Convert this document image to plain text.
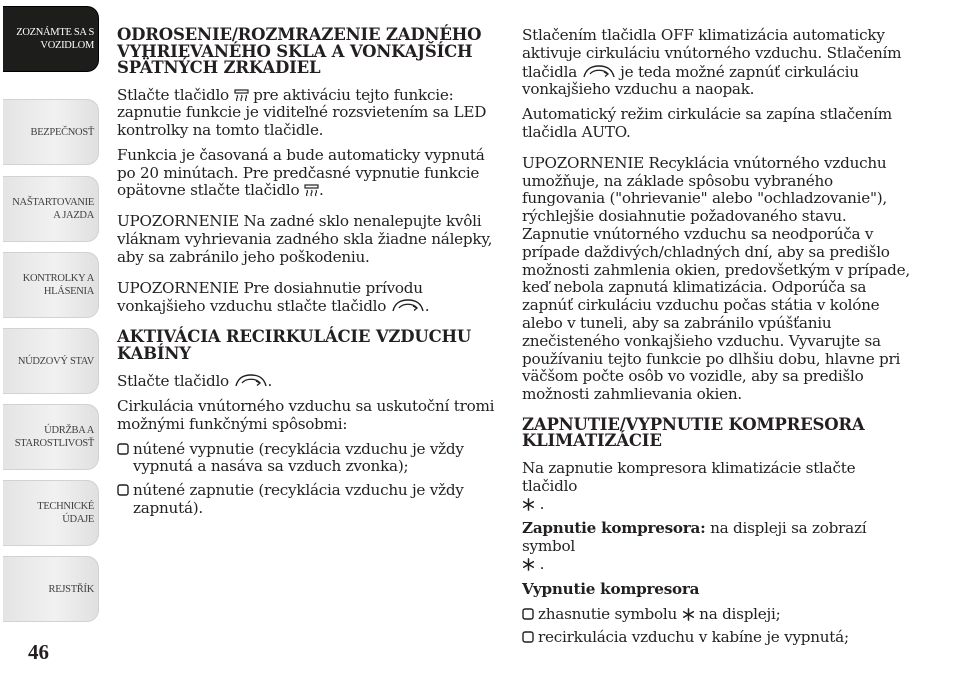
ZOZNÁMTE SA S
VOZIDLOM
BEZPEČNOSŤ
NAŠTARTOVANIE
A JAZDA
KONTROLKY A
HLÁSENIA
NÚDZOVÝ STAV
ÚDRŽBA A
STAROSTLIVOSŤ
TECHNICKÉ
ÚDAJE
REJSTŘÍK
46
ODROSENIE/ROZMRAZENIE ZADNÉHO
VYHRIEVANÉHO SKLA A VONKAJŠÍCH
SPÄTNÝCH ZRKADIEL

Stlačte tlačidlo pre aktiváciu tejto funkcie: zapnutie funkcie je viditeľné rozsvietením sa LED kontrolky na tomto tlačidle.

Funkcia je časovaná a bude automaticky vypnutá po 20 minútach. Pre predčasné vypnutie funkcie opätovne stlačte tlačidlo .

UPOZORNENIE Na zadné sklo nenalepujte kvôli vláknam vyhrievania zadného skla žiadne nálepky, aby sa zabránilo jeho poškodeniu.

UPOZORNENIE Pre dosiahnutie prívodu vonkajšieho vzduchu stlačte tlačidlo	.

AKTIVÁCIA RECIRKULÁCIE VZDUCHU
KABÍNY

Stlačte tlačidlo	.

Cirkulácia vnútorného vzduchu sa uskutoční tromi možnými funkčnými spôsobmi:

nútené vypnutie (recyklácia vzduchu je vždy vypnutá a nasáva sa vzduch zvonka);
nútené zapnutie (recyklácia vzduchu je vždy zapnutá).

Stlačením tlačidla OFF klimatizácia automaticky aktivuje cirkuláciu vnútorného vzduchu. Stlačením tlačidla	je teda možné zapnúť cirkuláciu vonkajšieho vzduchu a naopak.

Automatický režim cirkulácie sa zapína stlačením tlačidla AUTO.

UPOZORNENIE Recyklácia vnútorného vzduchu umožňuje, na základe spôsobu vybraného fungovania ("ohrievanie" alebo "ochladzovanie"), rýchlejšie dosiahnutie požadovaného stavu. Zapnutie vnútorného vzduchu sa neodporúča v prípade daždivých/chladných dní, aby sa predišlo možnosti zahmlenia okien, predovšetkým v prípade, keď nebola zapnutá klimatizácia. Odporúča sa zapnúť cirkuláciu vzduchu počas státia v kolóne alebo v tuneli, aby sa zabránilo vpúšťaniu znečisteného vonkajšieho vzduchu. Vyvarujte sa používaniu tejto funkcie po dlhšiu dobu, hlavne pri väčšom počte osôb vo vozidle, aby sa predišlo možnosti zahmlievania okien.

ZAPNUTIE/VYPNUTIE KOMPRESORA
KLIMATIZÁCIE

Na zapnutie kompresora klimatizácie stlačte tlačidlo

.

Zapnutie kompresora: na displeji sa zobrazí symbol

.

Vypnutie kompresora

zhasnutie symbolu na displeji;
recirkulácia vzduchu v kabíne je vypnutá;
